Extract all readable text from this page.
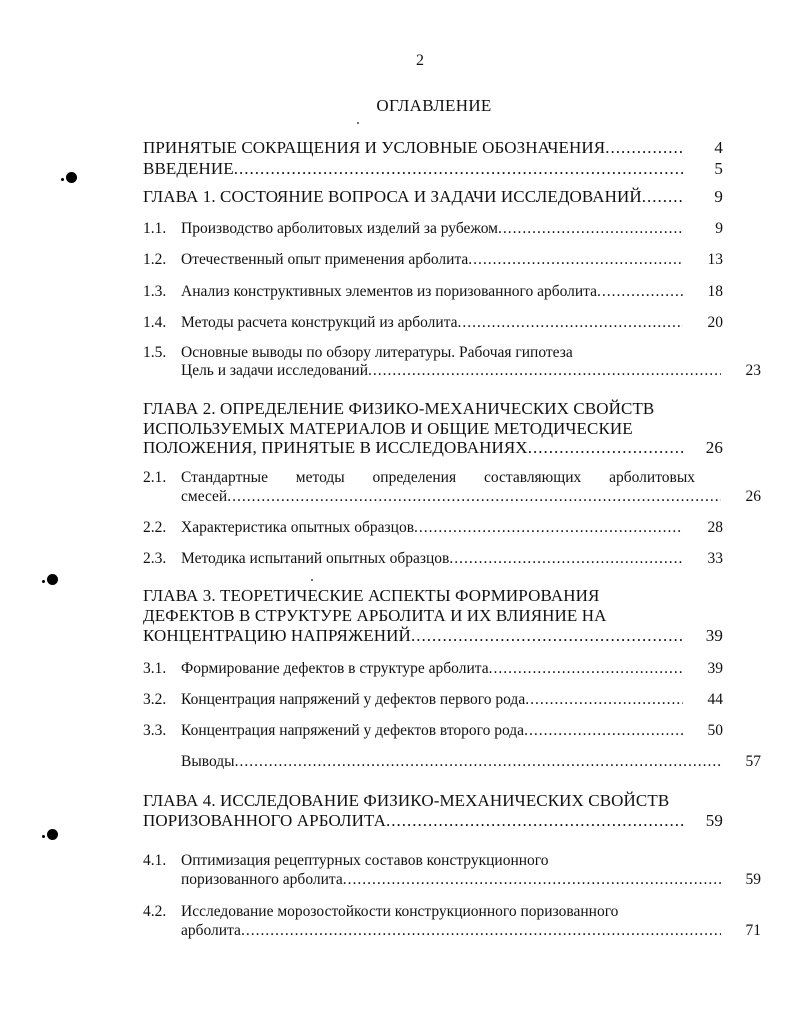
2
ОГЛАВЛЕНИЕ
ПРИНЯТЫЕ СОКРАЩЕНИЯ И УСЛОВНЫЕ ОБОЗНАЧЕНИЯ .....	4
ВВЕДЕНИЕ .....	5
ГЛАВА 1. СОСТОЯНИЕ ВОПРОСА И ЗАДАЧИ ИССЛЕДОВАНИЙ .....	9
1.1. Производство арболитовых изделий за рубежом .....	9
1.2. Отечественный опыт применения арболита .....	13
1.3. Анализ конструктивных элементов из поризованного арболита .....	18
1.4. Методы расчета конструкций из арболита .....	20
1.5. Основные выводы по обзору литературы. Рабочая гипотеза
Цель и задачи исследований .....	23
ГЛАВА 2. ОПРЕДЕЛЕНИЕ ФИЗИКО-МЕХАНИЧЕСКИХ СВОЙСТВ
ИСПОЛЬЗУЕМЫХ МАТЕРИАЛОВ И ОБЩИЕ МЕТОДИЧЕСКИЕ
ПОЛОЖЕНИЯ, ПРИНЯТЫЕ В ИССЛЕДОВАНИЯХ .....	26
2.1. Стандартные методы определения составляющих арболитовых
смесей .....	26
2.2. Характеристика опытных образцов .....	28
2.3. Методика испытаний опытных образцов .....	33
ГЛАВА 3. ТЕОРЕТИЧЕСКИЕ АСПЕКТЫ ФОРМИРОВАНИЯ
ДЕФЕКТОВ В СТРУКТУРЕ АРБОЛИТА И ИХ ВЛИЯНИЕ НА
КОНЦЕНТРАЦИЮ НАПРЯЖЕНИЙ .....	39
3.1. Формирование дефектов в структуре арболита .....	39
3.2. Концентрация напряжений у дефектов первого рода .....	44
3.3. Концентрация напряжений у дефектов второго рода .....	50
Выводы .....	57
ГЛАВА 4. ИССЛЕДОВАНИЕ ФИЗИКО-МЕХАНИЧЕСКИХ СВОЙСТВ
ПОРИЗОВАННОГО АРБОЛИТА .....	59
4.1. Оптимизация рецептурных составов конструкционного
поризованного арболита .....	59
4.2. Исследование морозостойкости конструкционного поризованного
арболита .....	71
